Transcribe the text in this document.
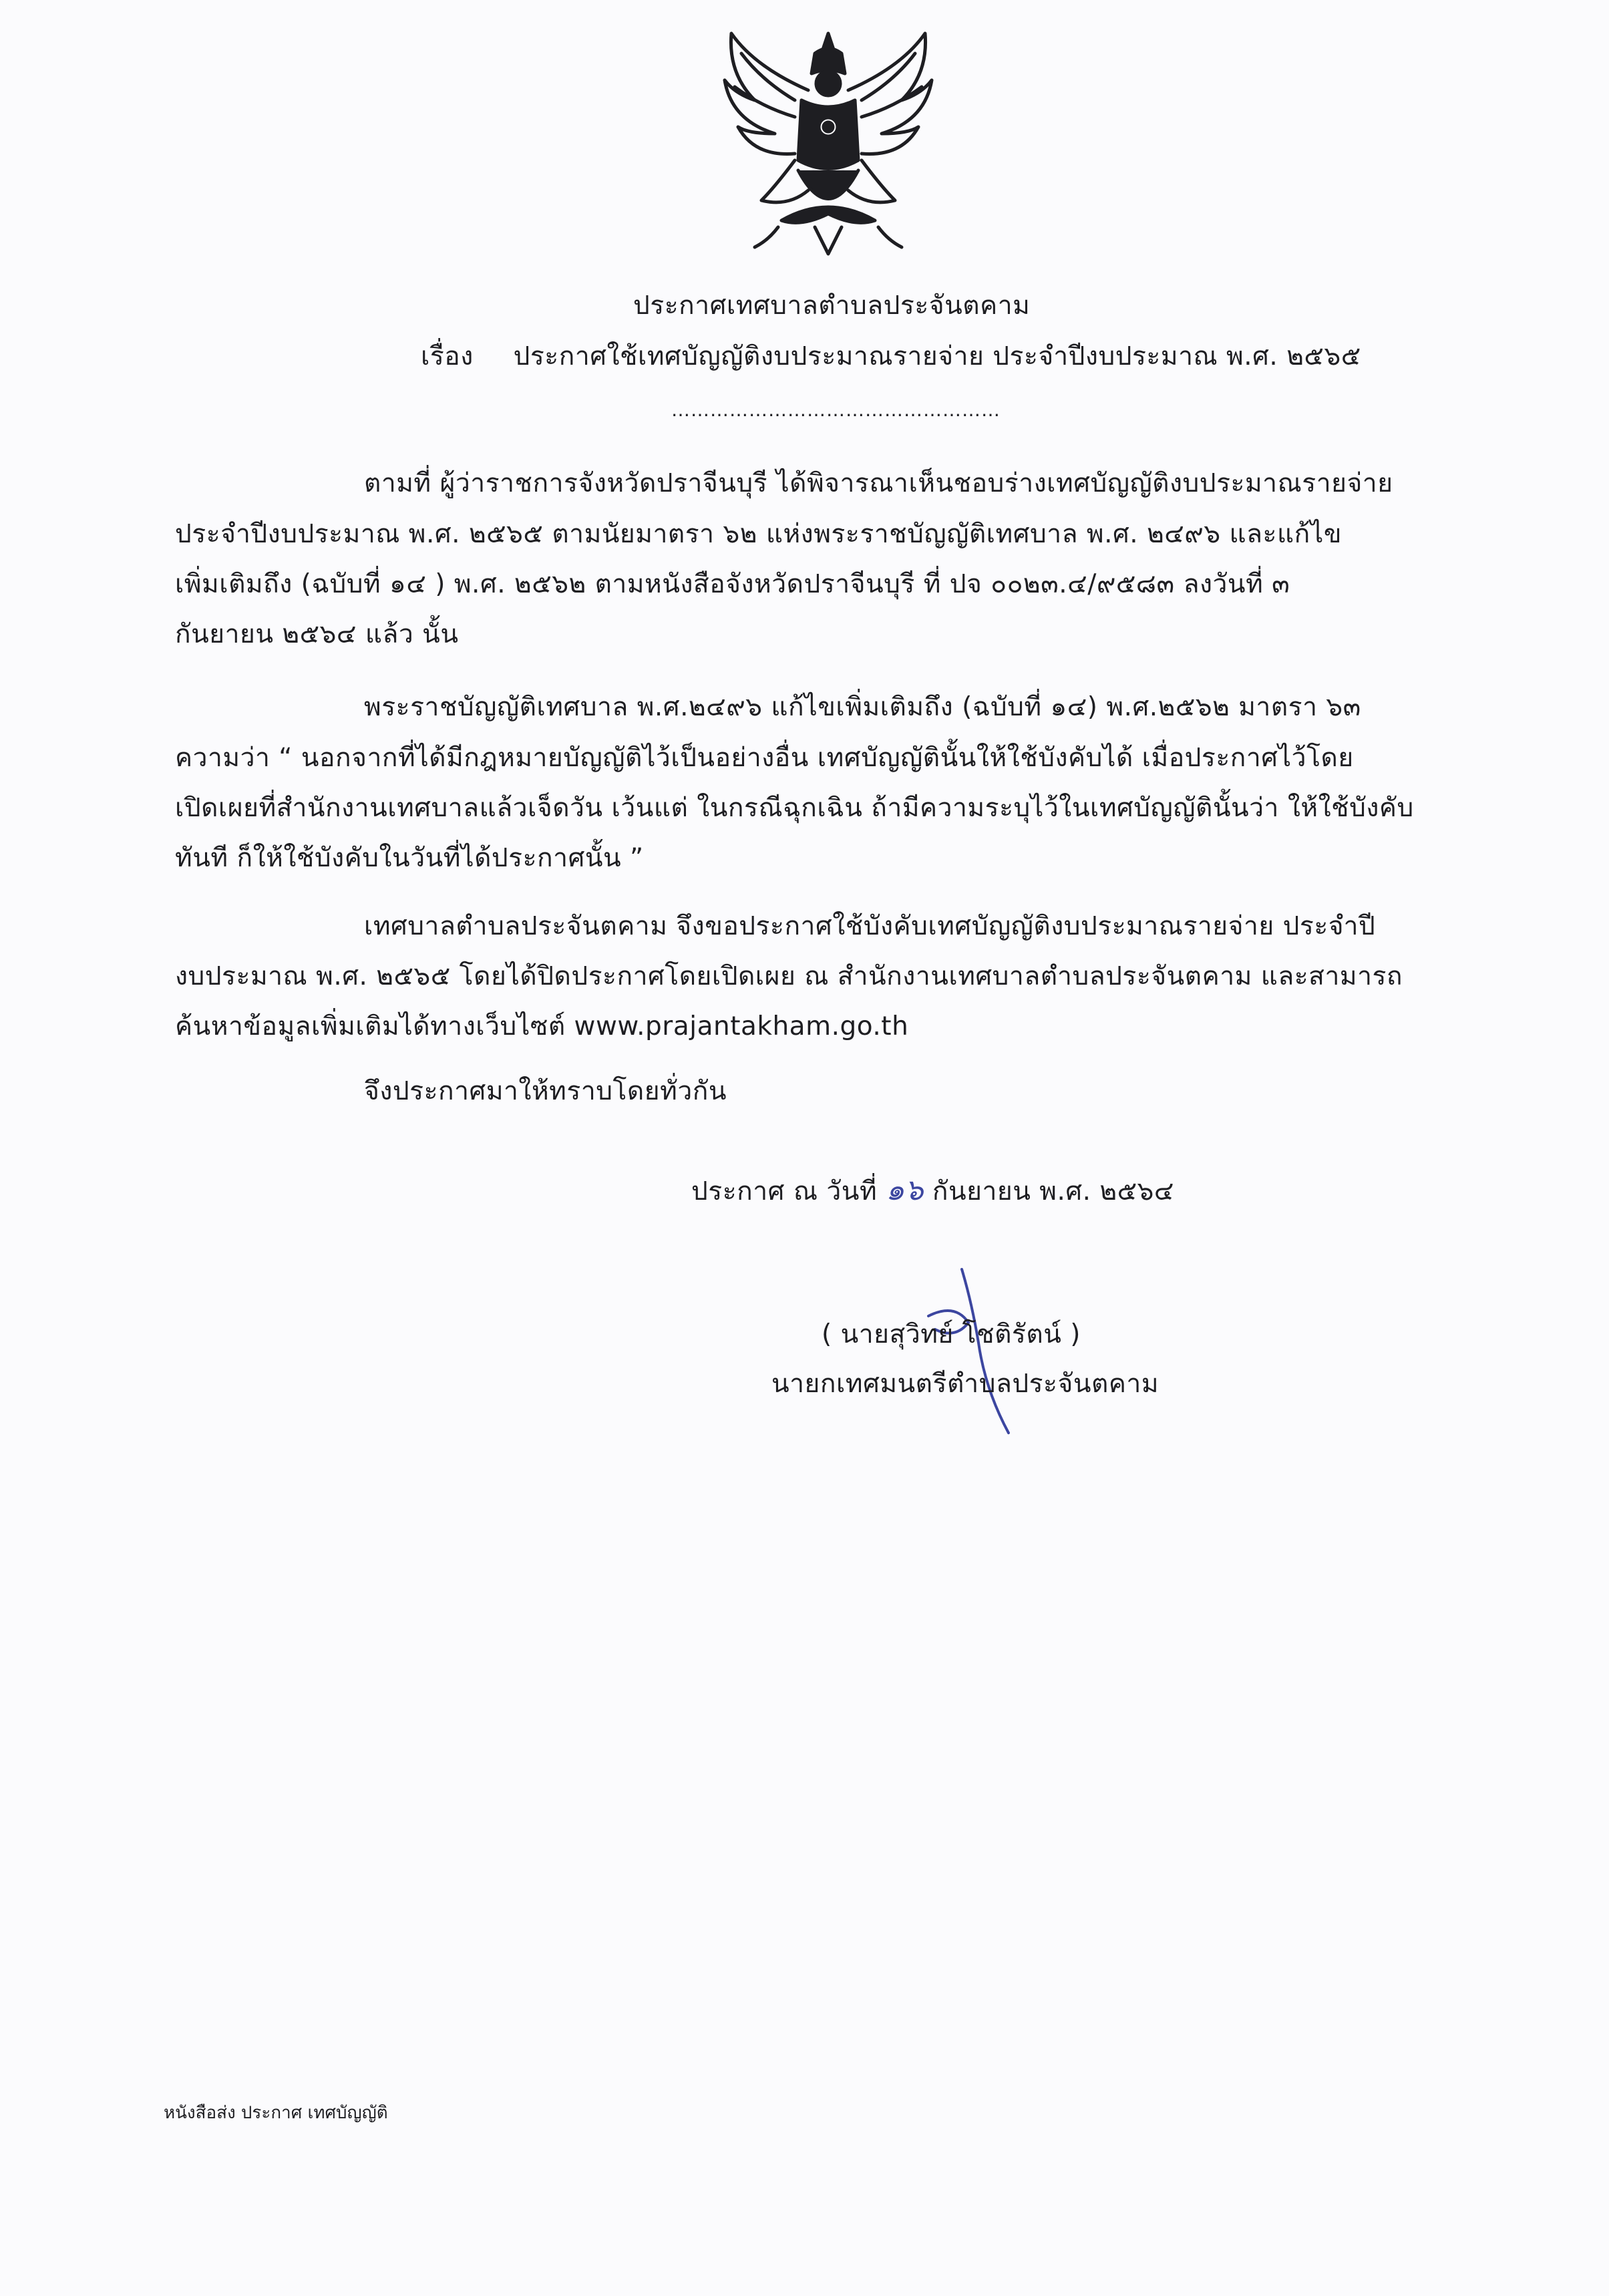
ประกาศเทศบาลตำบลประจันตคาม
เรื่อง ประกาศใช้เทศบัญญัติงบประมาณรายจ่าย ประจำปีงบประมาณ พ.ศ. ๒๕๖๕
……………………………………………
ตามที่ ผู้ว่าราชการจังหวัดปราจีนบุรี ได้พิจารณาเห็นชอบร่างเทศบัญญัติงบประมาณรายจ่าย
ประจำปีงบประมาณ พ.ศ. ๒๕๖๕ ตามนัยมาตรา ๖๒ แห่งพระราชบัญญัติเทศบาล พ.ศ. ๒๔๙๖ และแก้ไข
เพิ่มเติมถึง (ฉบับที่ ๑๔ ) พ.ศ. ๒๕๖๒ ตามหนังสือจังหวัดปราจีนบุรี ที่ ปจ ๐๐๒๓.๔/๙๕๘๓ ลงวันที่ ๓
กันยายน ๒๕๖๔ แล้ว นั้น
พระราชบัญญัติเทศบาล พ.ศ.๒๔๙๖ แก้ไขเพิ่มเติมถึง (ฉบับที่ ๑๔) พ.ศ.๒๕๖๒ มาตรา ๖๓
ความว่า “ นอกจากที่ได้มีกฎหมายบัญญัติไว้เป็นอย่างอื่น เทศบัญญัตินั้นให้ใช้บังคับได้ เมื่อประกาศไว้โดย
เปิดเผยที่สำนักงานเทศบาลแล้วเจ็ดวัน เว้นแต่ ในกรณีฉุกเฉิน ถ้ามีความระบุไว้ในเทศบัญญัตินั้นว่า ให้ใช้บังคับ
ทันที ก็ให้ใช้บังคับในวันที่ได้ประกาศนั้น ”
เทศบาลตำบลประจันตคาม จึงขอประกาศใช้บังคับเทศบัญญัติงบประมาณรายจ่าย ประจำปี
งบประมาณ พ.ศ. ๒๕๖๕ โดยได้ปิดประกาศโดยเปิดเผย ณ สำนักงานเทศบาลตำบลประจันตคาม และสามารถ
ค้นหาข้อมูลเพิ่มเติมได้ทางเว็บไซต์ www.prajantakham.go.th
จึงประกาศมาให้ทราบโดยทั่วกัน
ประกาศ ณ วันที่ ๑๖ กันยายน พ.ศ. ๒๕๖๔
( นายสุวิทย์ โชติรัตน์ )
นายกเทศมนตรีตำบลประจันตคาม
หนังสือส่ง ประกาศ เทศบัญญัติ
